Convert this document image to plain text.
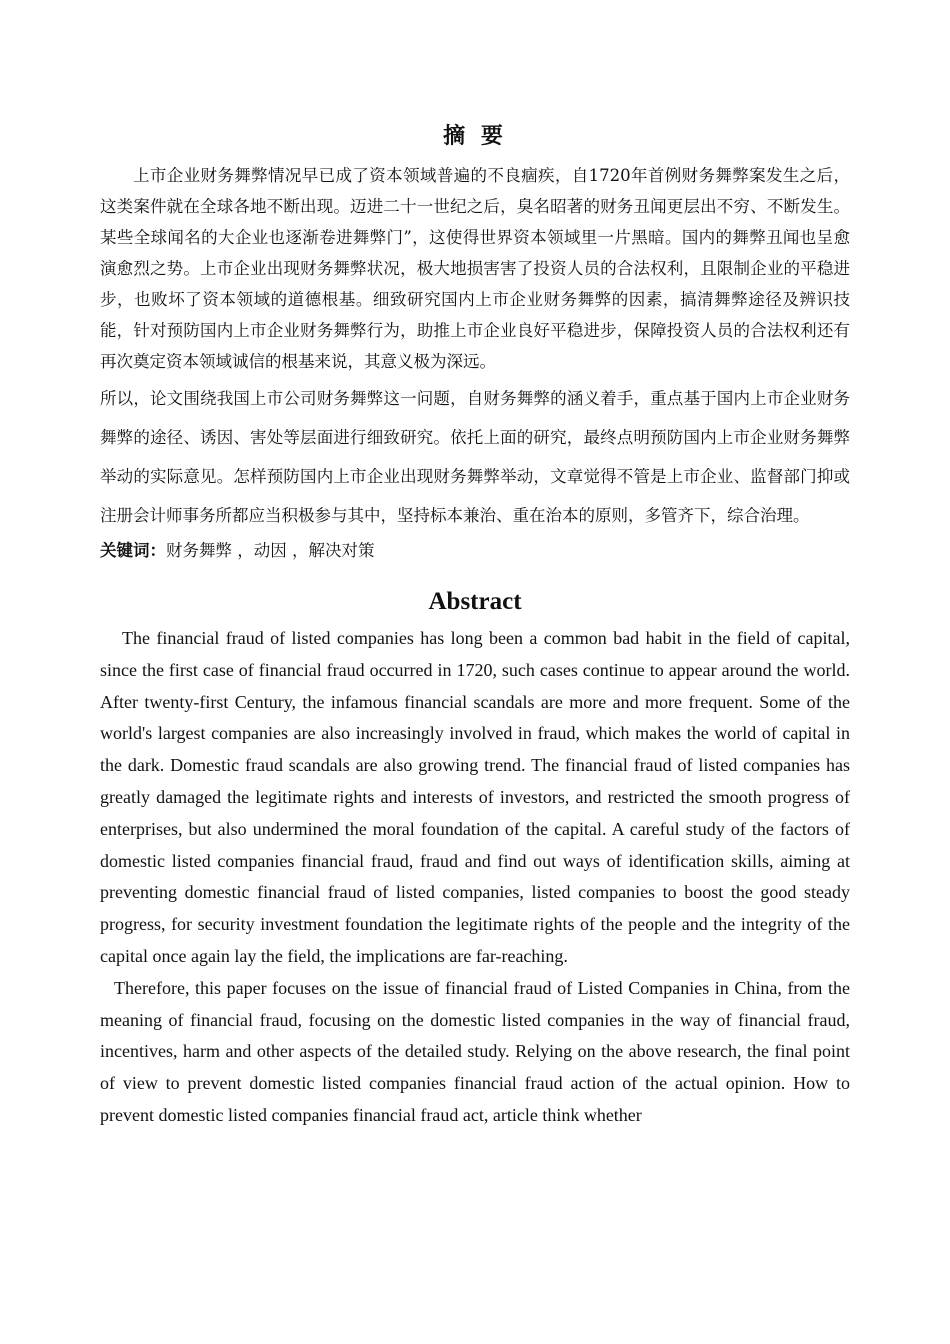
摘 要

上市企业财务舞弊情况早已成了资本领域普遍的不良痼疾，自1720年首例财务舞弊案发生之后，这类案件就在全球各地不断出现。迈进二十一世纪之后，臭名昭著的财务丑闻更层出不穷、不断发生。某些全球闻名的大企业也逐渐卷进舞弊门”，这使得世界资本领域里一片黑暗。国内的舞弊丑闻也呈愈演愈烈之势。上市企业出现财务舞弊状况，极大地损害害了投资人员的合法权利，且限制企业的平稳进步，也败坏了资本领域的道德根基。细致研究国内上市企业财务舞弊的因素，搞清舞弊途径及辨识技能，针对预防国内上市企业财务舞弊行为，助推上市企业良好平稳进步，保障投资人员的合法权利还有再次奠定资本领域诚信的根基来说，其意义极为深远。

所以，论文围绕我国上市公司财务舞弊这一问题，自财务舞弊的涵义着手，重点基于国内上市企业财务舞弊的途径、诱因、害处等层面进行细致研究。依托上面的研究，最终点明预防国内上市企业财务舞弊举动的实际意见。怎样预防国内上市企业出现财务舞弊举动，文章觉得不管是上市企业、监督部门抑或注册会计师事务所都应当积极参与其中，坚持标本兼治、重在治本的原则，多管齐下，综合治理。

关键词：财务舞弊 ，动因 ，解决对策

Abstract

The financial fraud of listed companies has long been a common bad habit in the field of capital, since the first case of financial fraud occurred in 1720, such cases continue to appear around the world. After twenty-first Century, the infamous financial scandals are more and more frequent. Some of the world's largest companies are also increasingly involved in fraud, which makes the world of capital in the dark. Domestic fraud scandals are also growing trend. The financial fraud of listed companies has greatly damaged the legitimate rights and interests of investors, and restricted the smooth progress of enterprises, but also undermined the moral foundation of the capital. A careful study of the factors of domestic listed companies financial fraud, fraud and find out ways of identification skills, aiming at preventing domestic financial fraud of listed companies, listed companies to boost the good steady progress, for security investment foundation the legitimate rights of the people and the integrity of the capital once again lay the field, the implications are far-reaching.

Therefore, this paper focuses on the issue of financial fraud of Listed Companies in China, from the meaning of financial fraud, focusing on the domestic listed companies in the way of financial fraud, incentives, harm and other aspects of the detailed study. Relying on the above research, the final point of view to prevent domestic listed companies financial fraud action of the actual opinion. How to prevent domestic listed companies financial fraud act, article think whether
